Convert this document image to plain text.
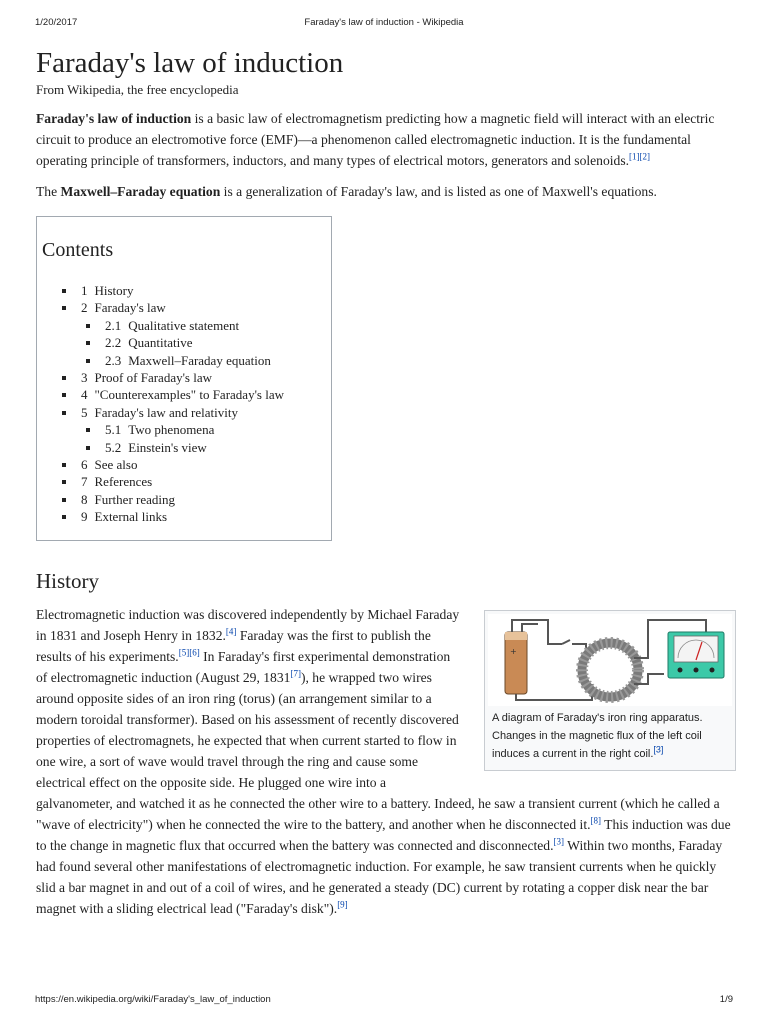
1/20/2017	Faraday's law of induction - Wikipedia
Faraday's law of induction
From Wikipedia, the free encyclopedia

Faraday's law of induction is a basic law of electromagnetism predicting how a magnetic field will interact with an electric circuit to produce an electromotive force (EMF)—a phenomenon called electromagnetic induction. It is the fundamental operating principle of transformers, inductors, and many types of electrical motors, generators and solenoids.[1][2]

The Maxwell–Faraday equation is a generalization of Faraday's law, and is listed as one of Maxwell's equations.

Contents
1 History
2 Faraday's law
2.1 Qualitative statement
2.2 Quantitative
2.3 Maxwell–Faraday equation
3 Proof of Faraday's law
4 "Counterexamples" to Faraday's law
5 Faraday's law and relativity
5.1 Two phenomena
5.2 Einstein's view
6 See also
7 References
8 Further reading
9 External links
History
+
A diagram of Faraday's iron ring apparatus. Changes in the magnetic flux of the left coil induces a current in the right coil.[3]

Electromagnetic induction was discovered independently by Michael Faraday in 1831 and Joseph Henry in 1832.[4] Faraday was the first to publish the results of his experiments.[5][6] In Faraday's first experimental demonstration of electromagnetic induction (August 29, 1831[7]), he wrapped two wires around opposite sides of an iron ring (torus) (an arrangement similar to a modern toroidal transformer). Based on his assessment of recently discovered properties of electromagnets, he expected that when current started to flow in one wire, a sort of wave would travel through the ring and cause some electrical effect on the opposite side. He plugged one wire into a galvanometer, and watched it as he connected the other wire to a battery. Indeed, he saw a transient current (which he called a "wave of electricity") when he connected the wire to the battery, and another when he disconnected it.[8] This induction was due to the change in magnetic flux that occurred when the battery was connected and disconnected.[3] Within two months, Faraday had found several other manifestations of electromagnetic induction. For example, he saw transient currents when he quickly slid a bar magnet in and out of a coil of wires, and he generated a steady (DC) current by rotating a copper disk near the bar magnet with a sliding electrical lead ("Faraday's disk").[9]

https://en.wikipedia.org/wiki/Faraday's_law_of_induction	1/9
